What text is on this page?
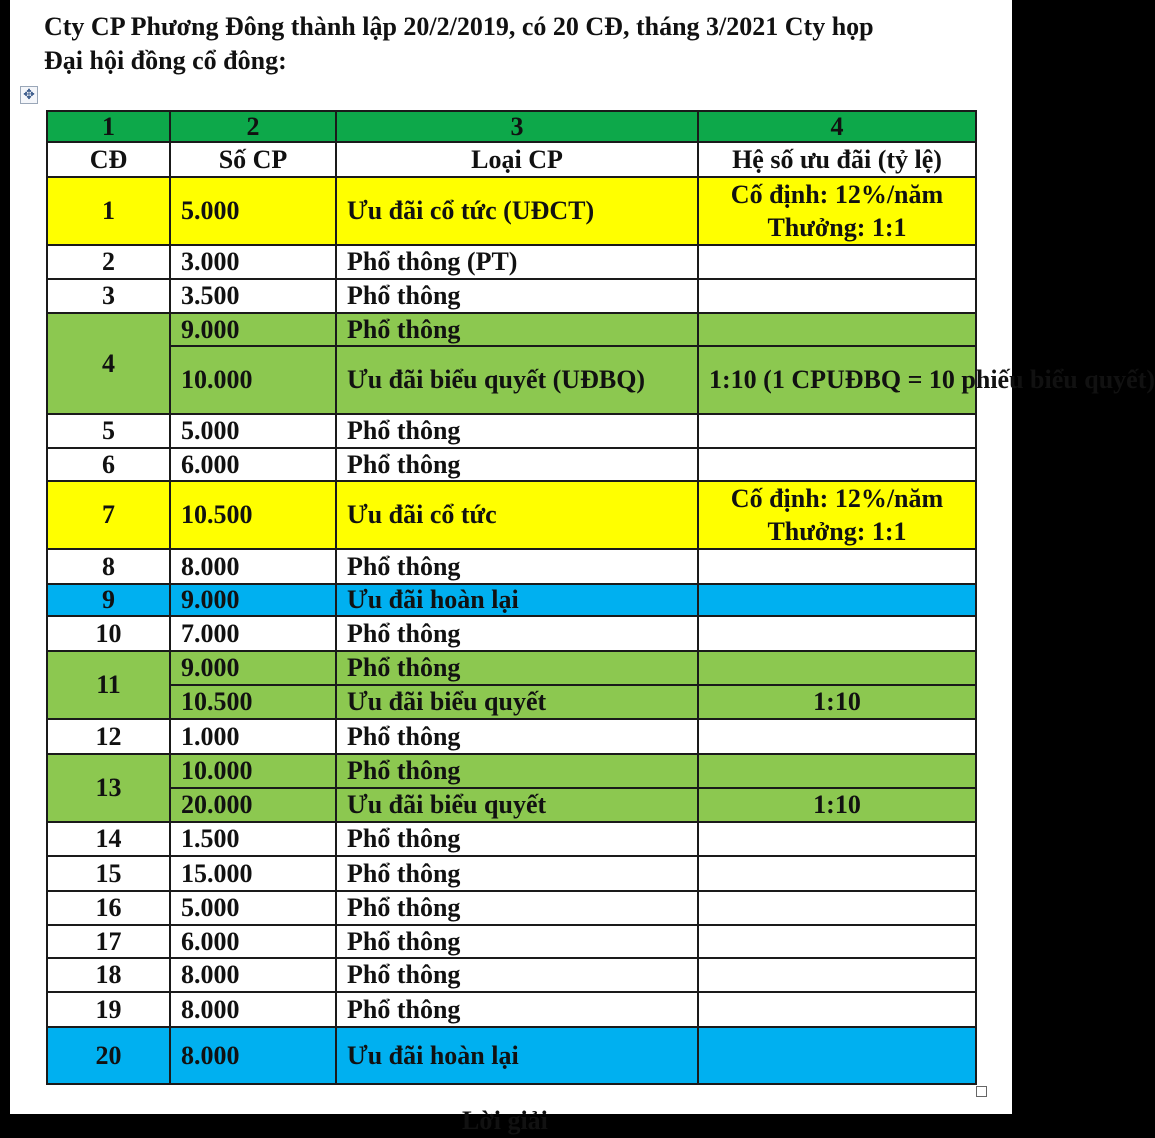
Cty CP Phương Đông thành lập 20/2/2019, có 20 CĐ, tháng 3/2021 Cty họp
Đại hội đồng cổ đông:
✥
1	2	3	4
CĐ	Số CP	Loại CP	Hệ số ưu đãi (tỷ lệ)
1	5.000	Ưu đãi cổ tức (UĐCT)	Cố định: 12%/năm
Thưởng: 1:1

2	3.000	Phổ thông (PT)	
3	3.500	Phổ thông	
4	9.000	Phổ thông	
	10.000	Ưu đãi biểu quyết (UĐBQ)	1:10 (1 CPUĐBQ = 10 phiếu biểu quyết)
5	5.000	Phổ thông	
6	6.000	Phổ thông	
7	10.500	Ưu đãi cổ tức	Cố định: 12%/năm
Thưởng: 1:1

8	8.000	Phổ thông	
9	9.000	Ưu đãi hoàn lại	
10	7.000	Phổ thông	
11	9.000	Phổ thông	
	10.500	Ưu đãi biểu quyết	1:10
12	1.000	Phổ thông	
13	10.000	Phổ thông	
	20.000	Ưu đãi biểu quyết	1:10
14	1.500	Phổ thông	
15	15.000	Phổ thông	
16	5.000	Phổ thông	
17	6.000	Phổ thông	
18	8.000	Phổ thông	
19	8.000	Phổ thông	
20	8.000	Ưu đãi hoàn lại	
Lời giải
